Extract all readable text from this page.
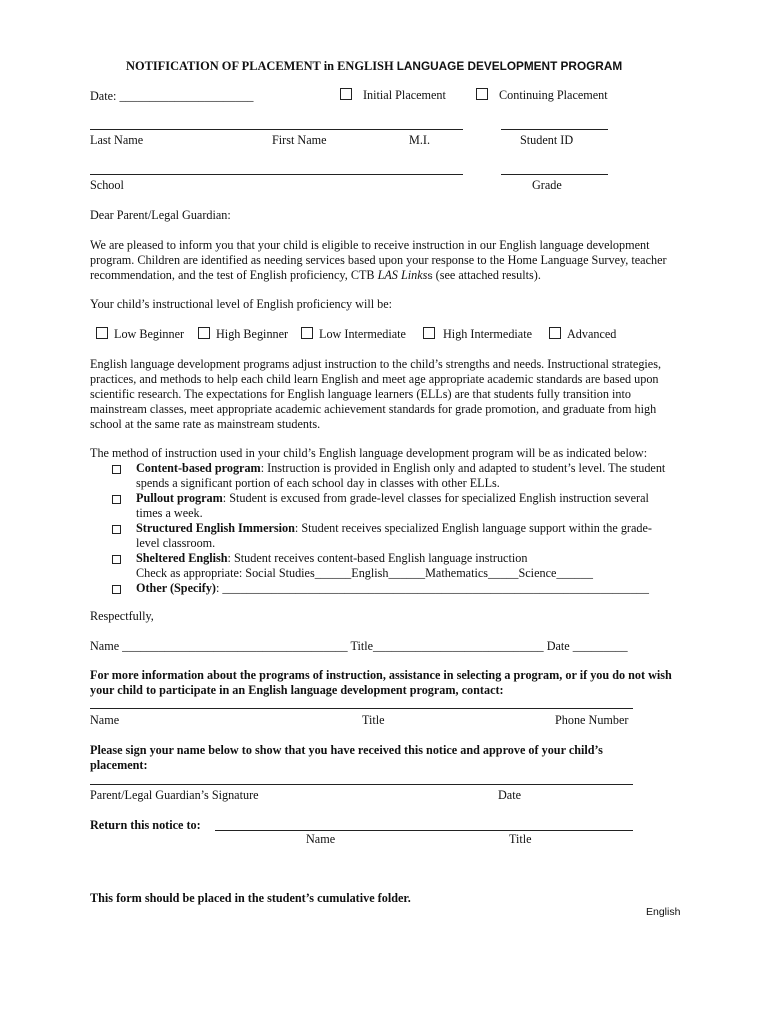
NOTIFICATION OF PLACEMENT in ENGLISH LANGUAGE DEVELOPMENT PROGRAM
Date: ______________________	Initial Placement	Continuing Placement
Last Name	First Name	M.I.	Student ID
School	Grade
Dear Parent/Legal Guardian:
We are pleased to inform you that your child is eligible to receive instruction in our English language development program. Children are identified as needing services based upon your response to the Home Language Survey, teacher recommendation, and the test of English proficiency, CTB LAS Linkss (see attached results).
Your child’s instructional level of English proficiency will be:
Low Beginner	High Beginner	Low Intermediate	High Intermediate	Advanced
English language development programs adjust instruction to the child’s strengths and needs. Instructional strategies, practices, and methods to help each child learn English and meet age appropriate academic standards are based upon scientific research. The expectations for English language learners (ELLs) are that students fully transition into mainstream classes, meet appropriate academic achievement standards for grade promotion, and graduate from high school at the same rate as mainstream students.
The method of instruction used in your child’s English language development program will be as indicated below:
Content-based program: Instruction is provided in English only and adapted to student’s level. The student spends a significant portion of each school day in classes with other ELLs.
Pullout program: Student is excused from grade-level classes for specialized English instruction several times a week.
Structured English Immersion: Student receives specialized English language support within the grade-level classroom.
Sheltered English: Student receives content-based English language instruction
Check as appropriate: Social Studies______English______Mathematics_____Science______
Other (Specify): ______________________________________________________________________
Respectfully,
Name _____________________________________ Title____________________________ Date _________
For more information about the programs of instruction, assistance in selecting a program, or if you do not wish your child to participate in an English language development program, contact:
Name	Title	Phone Number
Please sign your name below to show that you have received this notice and approve of your child’s placement:
Parent/Legal Guardian’s Signature	Date
Return this notice to:
Name	Title
This form should be placed in the student’s cumulative folder.
English
